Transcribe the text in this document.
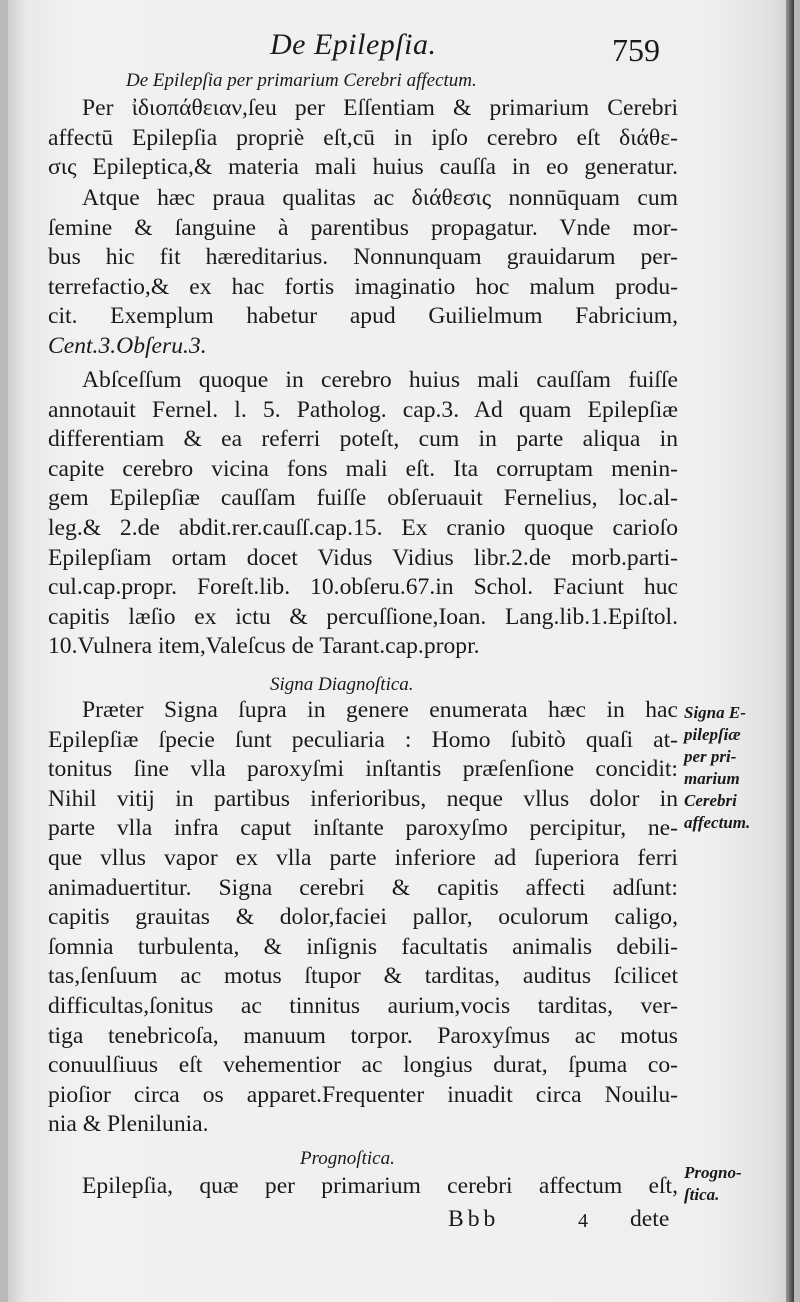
De Epilepſia.	759
De Epilepſia per primarium Cerebri affectum.
Per ἰδιοπάθειαν,ſeu per Eſſentiam & primarium Cerebri
affectū Epilepſia propriè eſt,cū in ipſo cerebro eſt διάθε-
σις Epileptica,& materia mali huius cauſſa in eo generatur.
Atque hæc praua qualitas ac διάθεσις nonnūquam cum
ſemine & ſanguine à parentibus propagatur. Vnde mor-
bus hic fit hæreditarius. Nonnunquam grauidarum per-
terrefactio,& ex hac fortis imaginatio hoc malum produ-
cit. Exemplum habetur apud Guilielmum Fabricium,
Cent.3.Obſeru.3.
Abſceſſum quoque in cerebro huius mali cauſſam fuiſſe
annotauit Fernel. l. 5. Patholog. cap.3. Ad quam Epilepſiæ
differentiam & ea referri poteſt, cum in parte aliqua in
capite cerebro vicina fons mali eſt. Ita corruptam menin-
gem Epilepſiæ cauſſam fuiſſe obſeruauit Fernelius, loc.al-
leg.& 2.de abdit.rer.cauſſ.cap.15. Ex cranio quoque carioſo
Epilepſiam ortam docet Vidus Vidius libr.2.de morb.parti-
cul.cap.propr. Foreſt.lib. 10.obſeru.67.in Schol. Faciunt huc
capitis læſio ex ictu & percuſſione,Ioan. Lang.lib.1.Epiſtol.
10.Vulnera item,Valeſcus de Tarant.cap.propr.
Signa Diagnoſtica.
Præter Signa ſupra in genere enumerata hæc in hac
Epilepſiæ ſpecie ſunt peculiaria : Homo ſubitò quaſi at-
tonitus ſine vlla paroxyſmi inſtantis præſenſione concidit:
Nihil vitij in partibus inferioribus, neque vllus dolor in
parte vlla infra caput inſtante paroxyſmo percipitur, ne-
que vllus vapor ex vlla parte inferiore ad ſuperiora ferri
animaduertitur. Signa cerebri & capitis affecti adſunt:
capitis grauitas & dolor,faciei pallor, oculorum caligo,
ſomnia turbulenta, & inſignis facultatis animalis debili-
tas,ſenſuum ac motus ſtupor & tarditas, auditus ſcilicet
difficultas,ſonitus ac tinnitus aurium,vocis tarditas, ver-
tiga tenebricoſa, manuum torpor. Paroxyſmus ac motus
conuulſiuus eſt vehementior ac longius durat, ſpuma co-
pioſior circa os apparet.Frequenter inuadit circa Nouilu-
nia & Plenilunia.
Prognoſtica.
Epilepſia, quæ per primarium cerebri affectum eſt,
Bbb	4 dete
Signa E-
pilepſiæ
per pri-
marium
Cerebri
affectum.
Progno-
ſtica.
